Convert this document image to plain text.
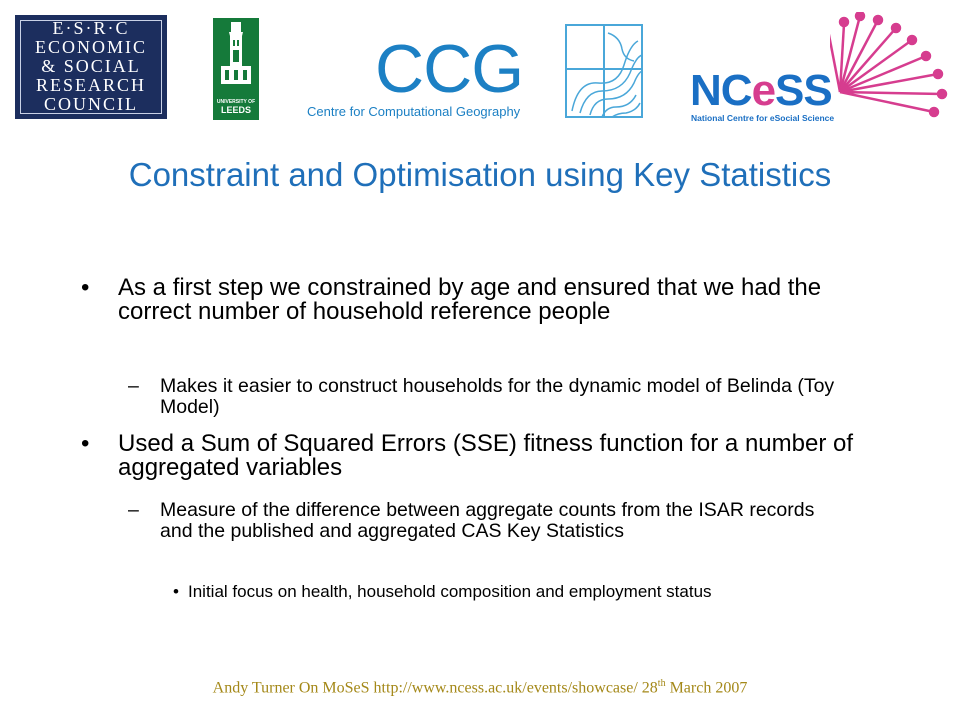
E·S·R·C
ECONOMIC
& SOCIAL
RESEARCH
COUNCIL	UNIVERSITY OF
LEEDS
CCG
Centre for Computational Geography	NCeSS
National Centre for eSocial Science
Constraint and Optimisation using Key Statistics
• As a first step we constrained by age and ensured that we had the correct number of household reference people
– Makes it easier to construct households for the dynamic model of Belinda (Toy Model)
• Used a Sum of Squared Errors (SSE) fitness function for a number of aggregated variables
– Measure of the difference between aggregate counts from the ISAR records and the published and aggregated CAS Key Statistics
• Initial focus on health, household composition and employment status
Andy Turner On MoSeS http://www.ncess.ac.uk/events/showcase/ 28th March 2007
